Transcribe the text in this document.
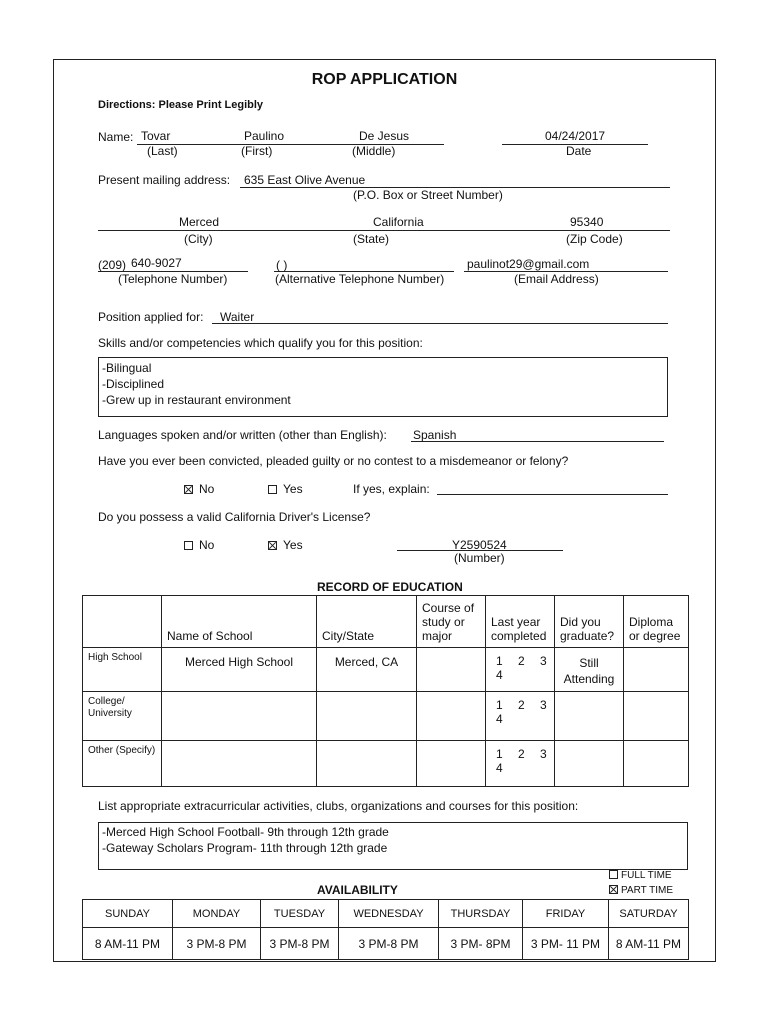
ROP APPLICATION
Directions: Please Print Legibly
Name: Tovar	Paulino	De Jesus	04/24/2017
(Last)	(First)	(Middle)	Date
Present mailing address: 635 East Olive Avenue
(P.O. Box or Street Number)
Merced	California	95340
(City)	(State)	(Zip Code)
(209) 640-9027	( )	paulinot29@gmail.com
(Telephone Number)	(Alternative Telephone Number)	(Email Address)
Position applied for: Waiter
Skills and/or competencies which qualify you for this position:
-Bilingual
-Disciplined
-Grew up in restaurant environment
Languages spoken and/or written (other than English): Spanish
Have you ever been convicted, pleaded guilty or no contest to a misdemeanor or felony?
No	Yes	If yes, explain:
Do you possess a valid California Driver's License?
No	Yes	Y2590524
(Number)
RECORD OF EDUCATION
	Name of School	City/State	Course of study or major	Last year completed	Did you graduate?	Diploma or degree
High School	Merced High School	Merced, CA		1 2 3 4	Still Attending	
College/ University				1 2 3 4		
Other (Specify)				1 2 3 4		
List appropriate extracurricular activities, clubs, organizations and courses for this position:
-Merced High School Football- 9th through 12th grade
-Gateway Scholars Program- 11th through 12th grade
FULL TIME
PART TIME
AVAILABILITY
SUNDAY	MONDAY	TUESDAY	WEDNESDAY	THURSDAY	FRIDAY	SATURDAY
8 AM-11 PM	3 PM-8 PM	3 PM-8 PM	3 PM-8 PM	3 PM- 8PM	3 PM- 11 PM	8 AM-11 PM
